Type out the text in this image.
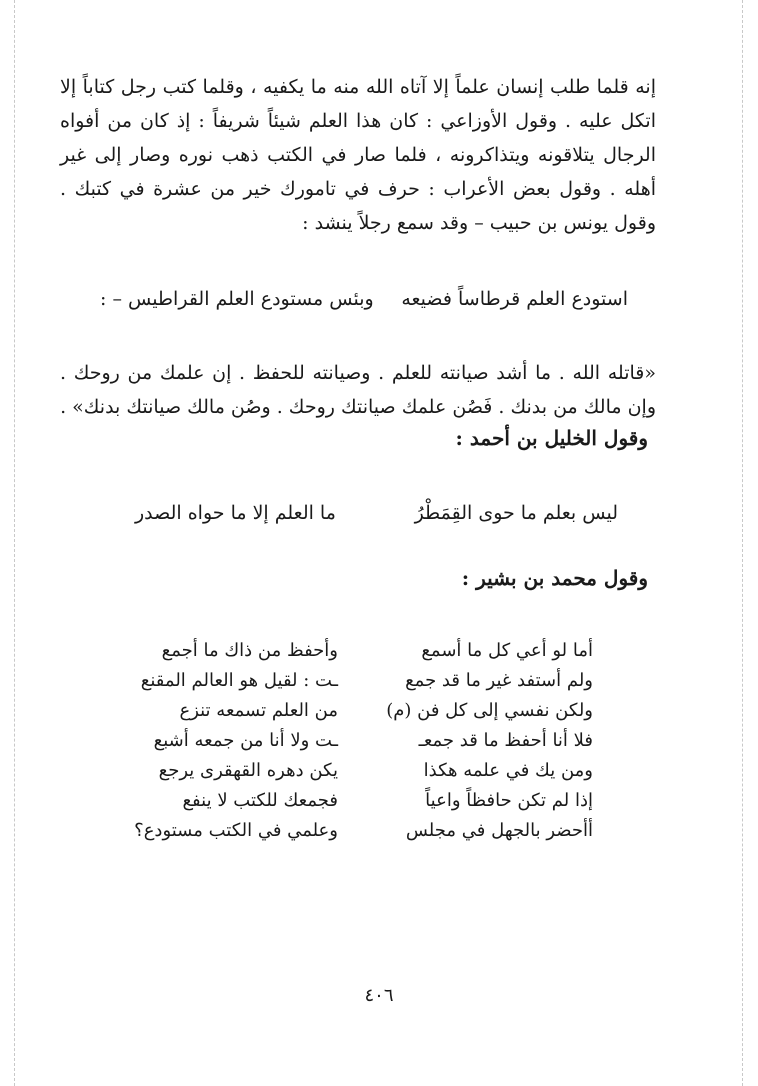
إنه قلما طلب إنسان علماً إلا آتاه الله منه ما يكفيه ، وقلما كتب رجل كتاباً إلا اتكل عليه . وقول الأوزاعي : كان هذا العلم شيئاً شريفاً : إذ كان من أفواه الرجال يتلاقونه ويتذاكرونه ، فلما صار في الكتب ذهب نوره وصار إلى غير أهله . وقول بعض الأعراب : حرف في تامورك خير من عشرة في كتبك . وقول يونس بن حبيب – وقد سمع رجلاً ينشد :
استودع العلم قرطاساً فضيعه
وبئس مستودع العلم القراطيس – :
«قاتله الله . ما أشد صيانته للعلم . وصيانته للحفظ . إن علمك من روحك . وإن مالك من بدنك . فَصُن علمك صيانتك روحك . وصُن مالك صيانتك بدنك» .
وقول الخليل بن أحمد :
ليس بعلم ما حوى القِمَطْرُ
ما العلم إلا ما حواه الصدر
وقول محمد بن بشير :
أما لو أعي كل ما أسمع
ولم أستفد غير ما قد جمع
ولكن نفسي إلى كل فن (م)
فلا أنا أحفظ ما قد جمعـ
ومن يك في علمه هكذا
إذا لم تكن حافظاً واعياً
أأحضر بالجهل في مجلس
وأحفظ من ذاك ما أجمع
ـت : لقيل هو العالم المقنع
من العلم تسمعه تنزع
ـت ولا أنا من جمعه أشبع
يكن دهره القهقرى يرجع
فجمعك للكتب لا ينفع
وعلمي في الكتب مستودع؟
٤٠٦
